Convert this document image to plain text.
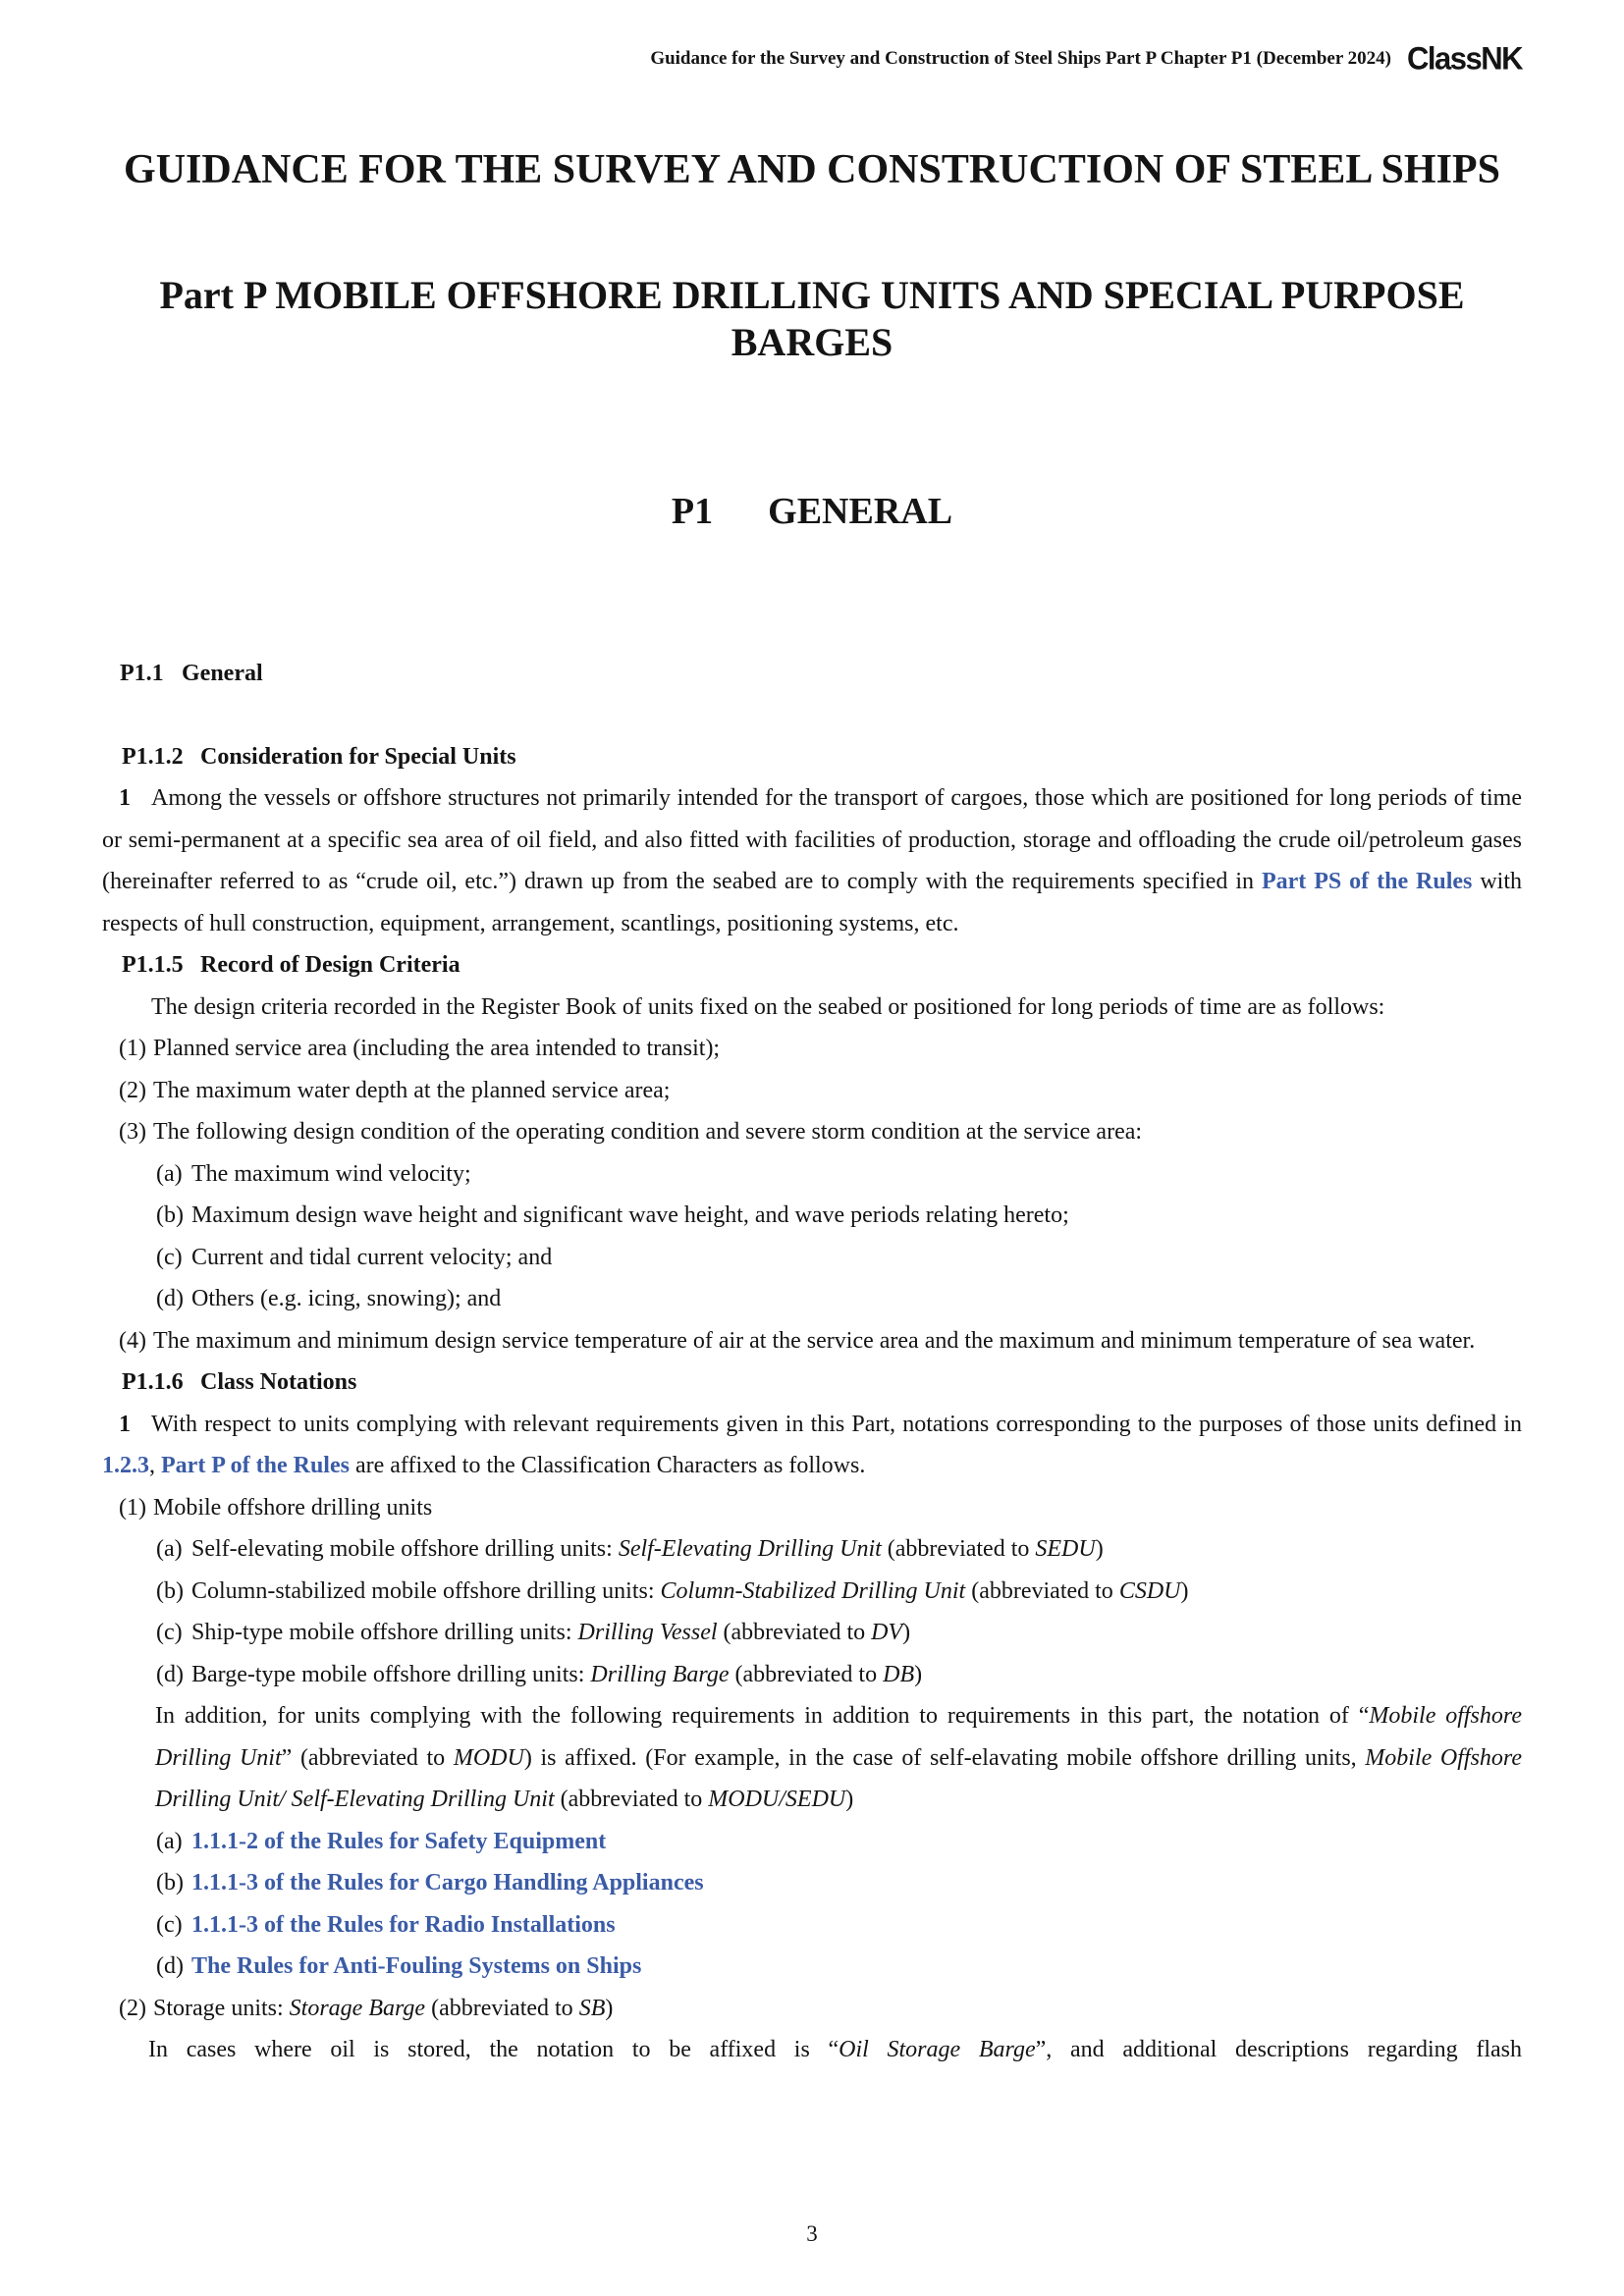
Guidance for the Survey and Construction of Steel Ships Part P Chapter P1 (December 2024) ClassNK
GUIDANCE FOR THE SURVEY AND CONSTRUCTION OF STEEL SHIPS
Part P MOBILE OFFSHORE DRILLING UNITS AND SPECIAL PURPOSE
BARGES
P1 GENERAL
P1.1 General
P1.1.2 Consideration for Special Units
1 Among the vessels or offshore structures not primarily intended for the transport of cargoes, those which are positioned for long periods of time or semi-permanent at a specific sea area of oil field, and also fitted with facilities of production, storage and offloading the crude oil/petroleum gases (hereinafter referred to as “crude oil, etc.”) drawn up from the seabed are to comply with the requirements specified in Part PS of the Rules with respects of hull construction, equipment, arrangement, scantlings, positioning systems, etc.
P1.1.5 Record of Design Criteria
The design criteria recorded in the Register Book of units fixed on the seabed or positioned for long periods of time are as follows:
(1) Planned service area (including the area intended to transit);
(2) The maximum water depth at the planned service area;
(3) The following design condition of the operating condition and severe storm condition at the service area:
(a) The maximum wind velocity;
(b) Maximum design wave height and significant wave height, and wave periods relating hereto;
(c) Current and tidal current velocity; and
(d) Others (e.g. icing, snowing); and
(4) The maximum and minimum design service temperature of air at the service area and the maximum and minimum temperature of sea water.
P1.1.6 Class Notations
1 With respect to units complying with relevant requirements given in this Part, notations corresponding to the purposes of those units defined in 1.2.3, Part P of the Rules are affixed to the Classification Characters as follows.
(1) Mobile offshore drilling units
(a) Self-elevating mobile offshore drilling units: Self-Elevating Drilling Unit (abbreviated to SEDU)
(b) Column-stabilized mobile offshore drilling units: Column-Stabilized Drilling Unit (abbreviated to CSDU)
(c) Ship-type mobile offshore drilling units: Drilling Vessel (abbreviated to DV)
(d) Barge-type mobile offshore drilling units: Drilling Barge (abbreviated to DB)
In addition, for units complying with the following requirements in addition to requirements in this part, the notation of “Mobile offshore Drilling Unit” (abbreviated to MODU) is affixed. (For example, in the case of self-elavating mobile offshore drilling units, Mobile Offshore Drilling Unit/ Self-Elevating Drilling Unit (abbreviated to MODU/SEDU)
(a) 1.1.1-2 of the Rules for Safety Equipment
(b) 1.1.1-3 of the Rules for Cargo Handling Appliances
(c) 1.1.1-3 of the Rules for Radio Installations
(d) The Rules for Anti-Fouling Systems on Ships
(2) Storage units: Storage Barge (abbreviated to SB)
In cases where oil is stored, the notation to be affixed is “Oil Storage Barge”, and additional descriptions regarding flash
3
